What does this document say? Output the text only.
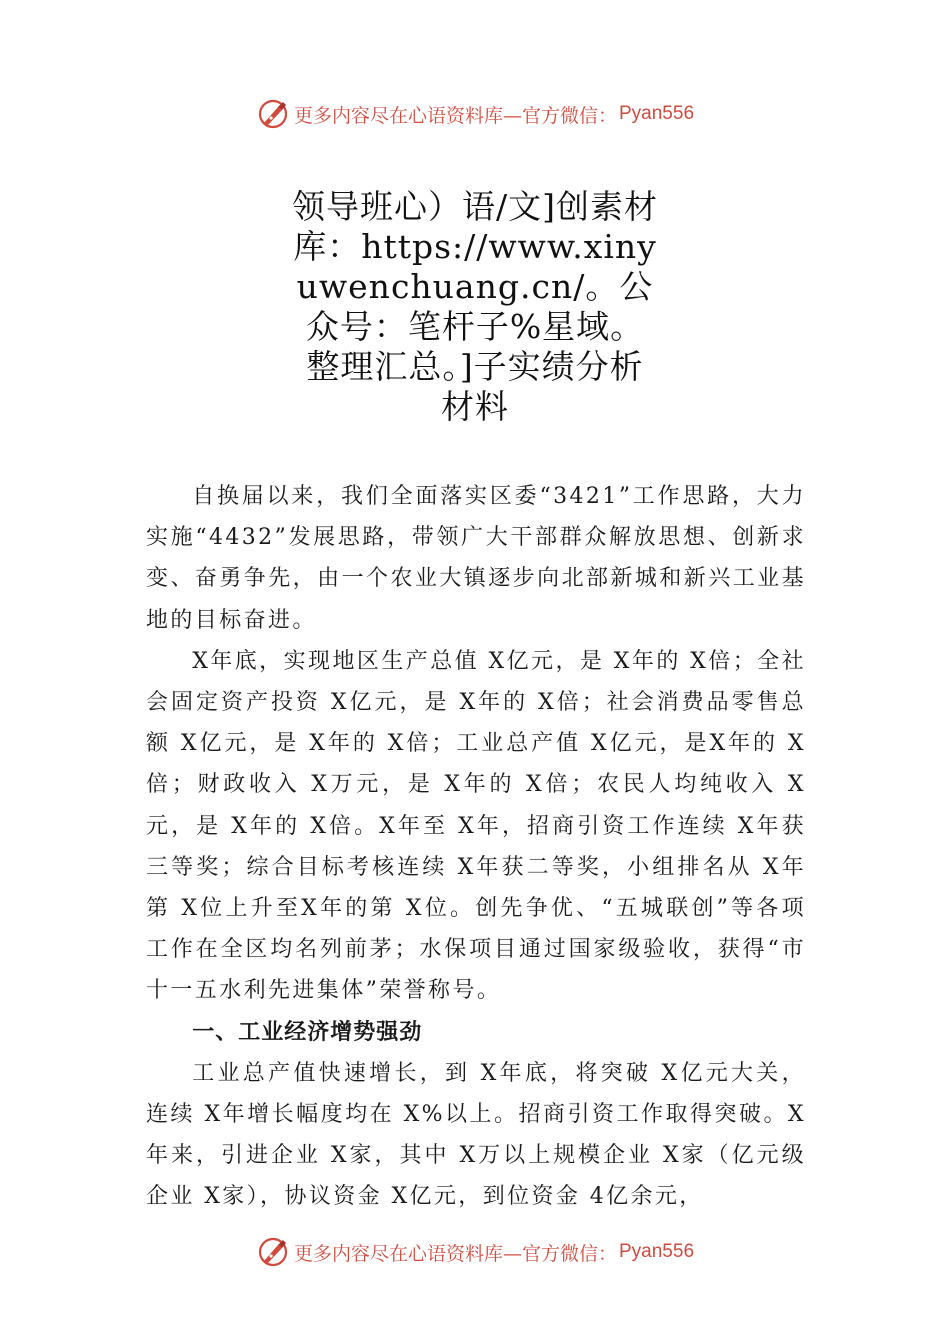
更多内容尽在心语资料库—官方微信： Pyan556
领导班心）语/文]创素材库：https://www.xinyuwenchuang.cn/。公众号：笔杆子%星域。整理汇总。]子实绩分析材料

自换届以来，我们全面落实区委“3421”工作思路，大力实施“4432”发展思路，带领广大干部群众解放思想、创新求变、奋勇争先，由一个农业大镇逐步向北部新城和新兴工业基地的目标奋进。

X年底，实现地区生产总值 X亿元，是 X年的 X倍；全社会固定资产投资 X亿元，是 X年的 X倍；社会消费品零售总额 X亿元，是 X年的 X倍；工业总产值 X亿元，是X年的 X倍；财政收入 X万元，是 X年的 X倍；农民人均纯收入 X元，是 X年的 X倍。X年至 X年，招商引资工作连续 X年获三等奖；综合目标考核连续 X年获二等奖，小组排名从 X年第 X位上升至X年的第 X位。创先争优、“五城联创”等各项工作在全区均名列前茅；水保项目通过国家级验收，获得“市十一五水利先进集体”荣誉称号。

一、工业经济增势强劲

工业总产值快速增长，到 X年底，将突破 X亿元大关，连续 X年增长幅度均在 X%以上。招商引资工作取得突破。X年来，引进企业 X家，其中 X万以上规模企业 X家（亿元级企业 X家），协议资金 X亿元，到位资金 4亿余元，

更多内容尽在心语资料库—官方微信： Pyan556
